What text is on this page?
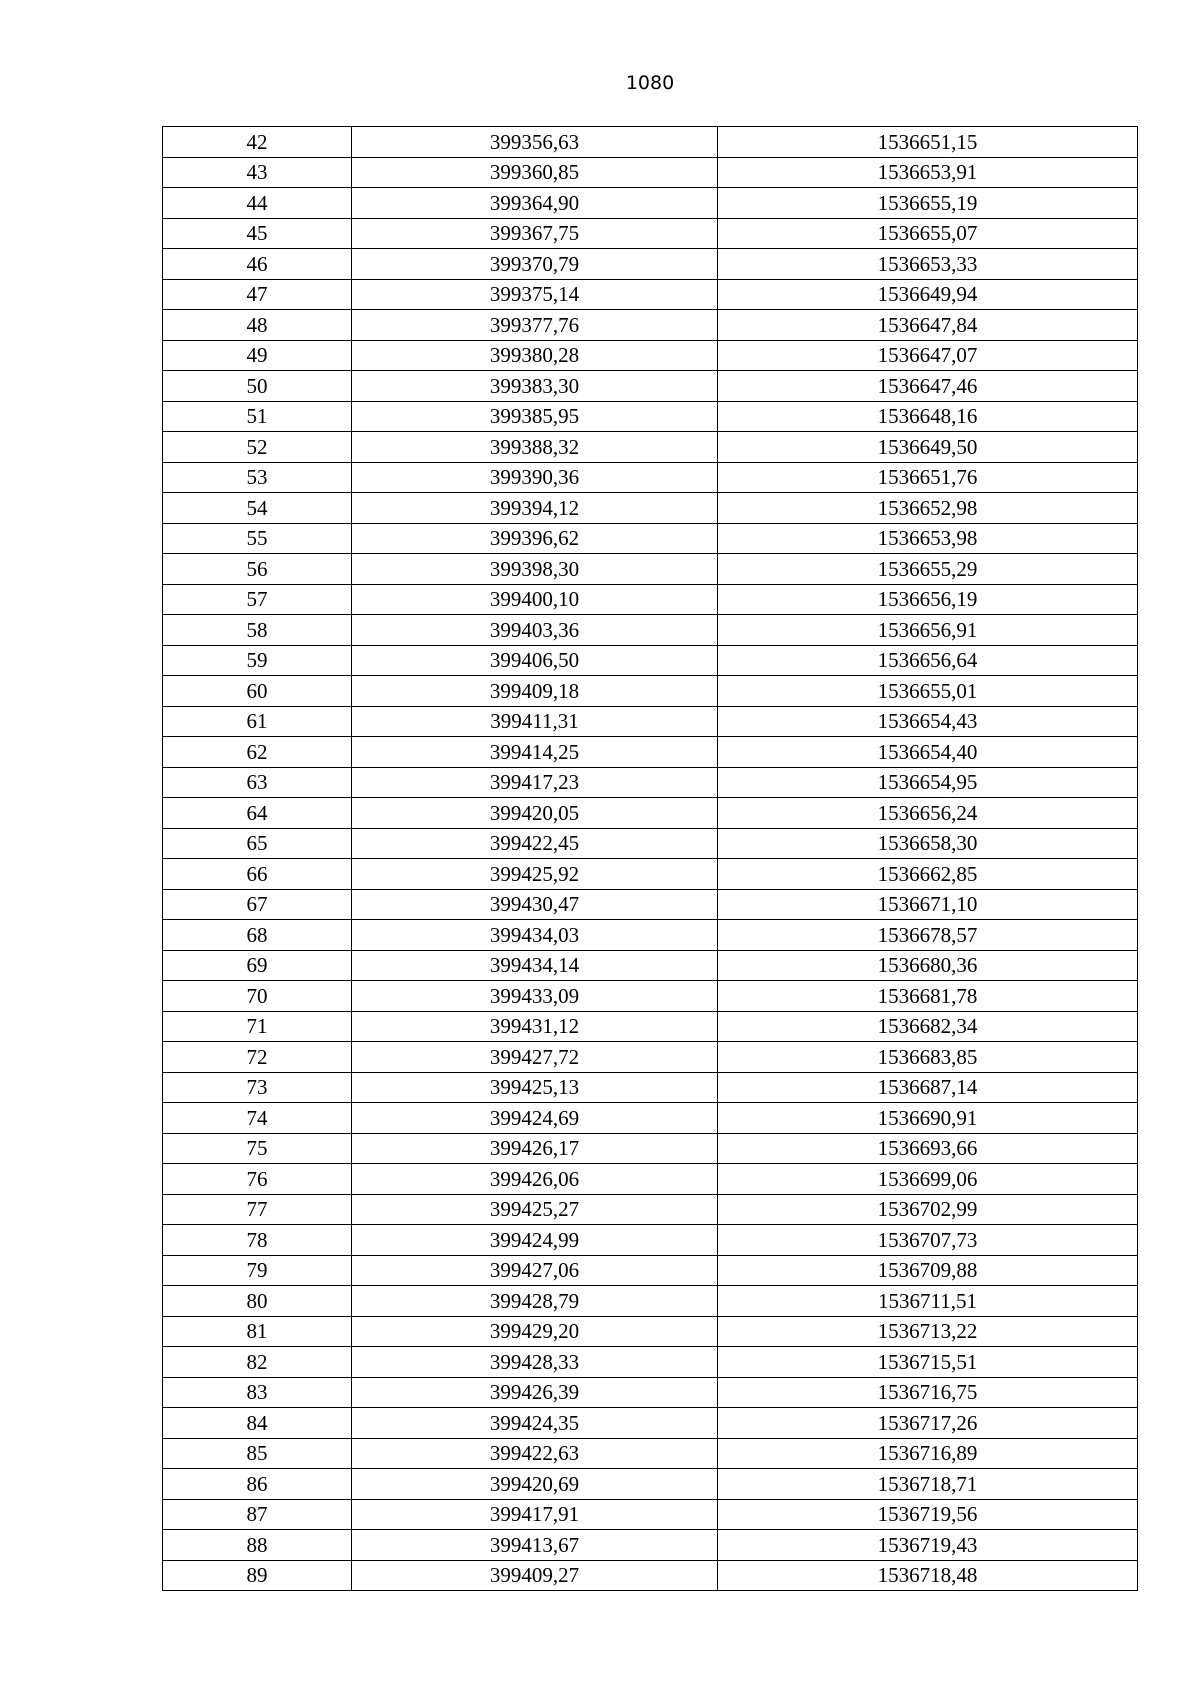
1080
42	399356,63	1536651,15
43	399360,85	1536653,91
44	399364,90	1536655,19
45	399367,75	1536655,07
46	399370,79	1536653,33
47	399375,14	1536649,94
48	399377,76	1536647,84
49	399380,28	1536647,07
50	399383,30	1536647,46
51	399385,95	1536648,16
52	399388,32	1536649,50
53	399390,36	1536651,76
54	399394,12	1536652,98
55	399396,62	1536653,98
56	399398,30	1536655,29
57	399400,10	1536656,19
58	399403,36	1536656,91
59	399406,50	1536656,64
60	399409,18	1536655,01
61	399411,31	1536654,43
62	399414,25	1536654,40
63	399417,23	1536654,95
64	399420,05	1536656,24
65	399422,45	1536658,30
66	399425,92	1536662,85
67	399430,47	1536671,10
68	399434,03	1536678,57
69	399434,14	1536680,36
70	399433,09	1536681,78
71	399431,12	1536682,34
72	399427,72	1536683,85
73	399425,13	1536687,14
74	399424,69	1536690,91
75	399426,17	1536693,66
76	399426,06	1536699,06
77	399425,27	1536702,99
78	399424,99	1536707,73
79	399427,06	1536709,88
80	399428,79	1536711,51
81	399429,20	1536713,22
82	399428,33	1536715,51
83	399426,39	1536716,75
84	399424,35	1536717,26
85	399422,63	1536716,89
86	399420,69	1536718,71
87	399417,91	1536719,56
88	399413,67	1536719,43
89	399409,27	1536718,48
